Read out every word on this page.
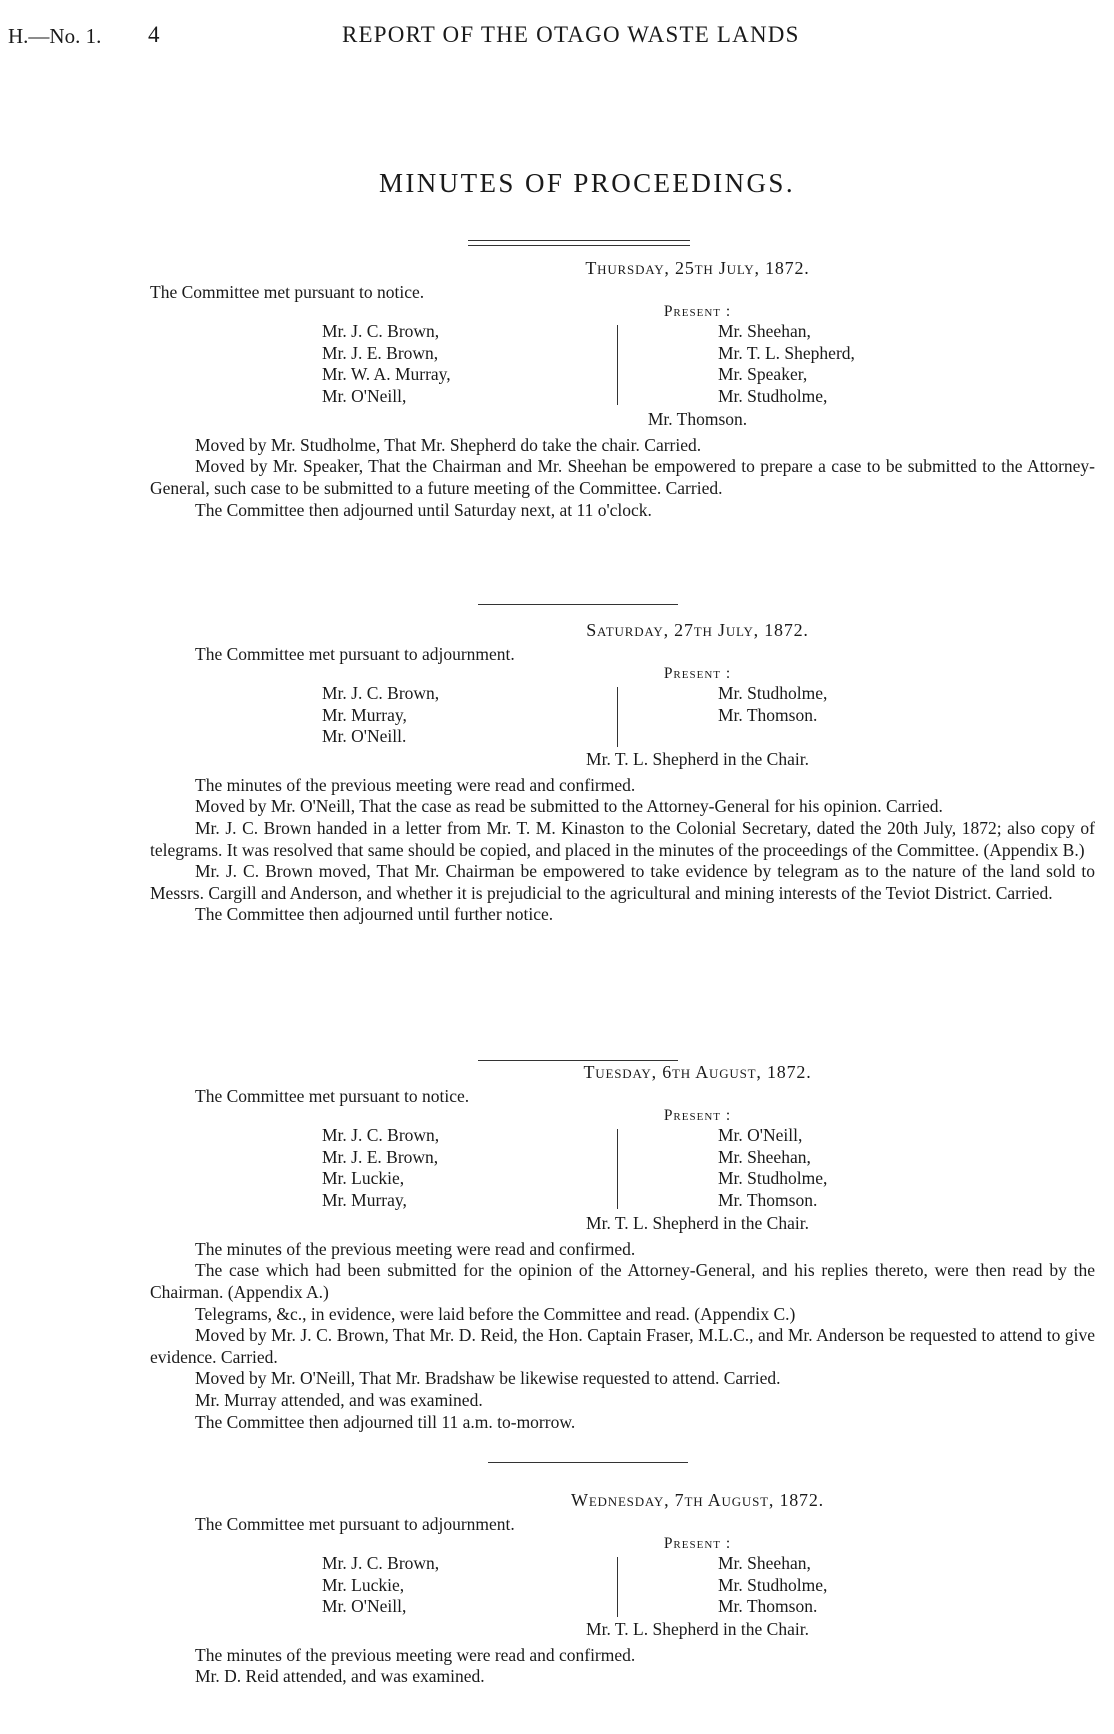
H.—No. 1. 4	REPORT OF THE OTAGO WASTE LANDS
MINUTES OF PROCEEDINGS.
Thursday, 25th July, 1872.

The Committee met pursuant to notice.

Present :
Mr. J. C. Brown,
Mr. J. E. Brown,
Mr. W. A. Murray,
Mr. O'Neill,
Mr. Sheehan,
Mr. T. L. Shepherd,
Mr. Speaker,
Mr. Studholme,
Mr. Thomson.

Moved by Mr. Studholme, That Mr. Shepherd do take the chair. Carried.

Moved by Mr. Speaker, That the Chairman and Mr. Sheehan be empowered to prepare a case to be submitted to the Attorney-General, such case to be submitted to a future meeting of the Committee. Carried.

The Committee then adjourned until Saturday next, at 11 o'clock.

Saturday, 27th July, 1872.

The Committee met pursuant to adjournment.

Present :
Mr. J. C. Brown,
Mr. Murray,
Mr. O'Neill.
Mr. Studholme,
Mr. Thomson.
Mr. T. L. Shepherd in the Chair.

The minutes of the previous meeting were read and confirmed.

Moved by Mr. O'Neill, That the case as read be submitted to the Attorney-General for his opinion. Carried.

Mr. J. C. Brown handed in a letter from Mr. T. M. Kinaston to the Colonial Secretary, dated the 20th July, 1872; also copy of telegrams. It was resolved that same should be copied, and placed in the minutes of the proceedings of the Committee. (Appendix B.)

Mr. J. C. Brown moved, That Mr. Chairman be empowered to take evidence by telegram as to the nature of the land sold to Messrs. Cargill and Anderson, and whether it is prejudicial to the agricultural and mining interests of the Teviot District. Carried.

The Committee then adjourned until further notice.

Tuesday, 6th August, 1872.

The Committee met pursuant to notice.

Present :
Mr. J. C. Brown,
Mr. J. E. Brown,
Mr. Luckie,
Mr. Murray,
Mr. O'Neill,
Mr. Sheehan,
Mr. Studholme,
Mr. Thomson.
Mr. T. L. Shepherd in the Chair.

The minutes of the previous meeting were read and confirmed.

The case which had been submitted for the opinion of the Attorney-General, and his replies thereto, were then read by the Chairman. (Appendix A.)

Telegrams, &c., in evidence, were laid before the Committee and read. (Appendix C.)

Moved by Mr. J. C. Brown, That Mr. D. Reid, the Hon. Captain Fraser, M.L.C., and Mr. Anderson be requested to attend to give evidence. Carried.

Moved by Mr. O'Neill, That Mr. Bradshaw be likewise requested to attend. Carried.

Mr. Murray attended, and was examined.

The Committee then adjourned till 11 a.m. to-morrow.

Wednesday, 7th August, 1872.

The Committee met pursuant to adjournment.

Present :
Mr. J. C. Brown,
Mr. Luckie,
Mr. O'Neill,
Mr. Sheehan,
Mr. Studholme,
Mr. Thomson.
Mr. T. L. Shepherd in the Chair.

The minutes of the previous meeting were read and confirmed.

Mr. D. Reid attended, and was examined.
